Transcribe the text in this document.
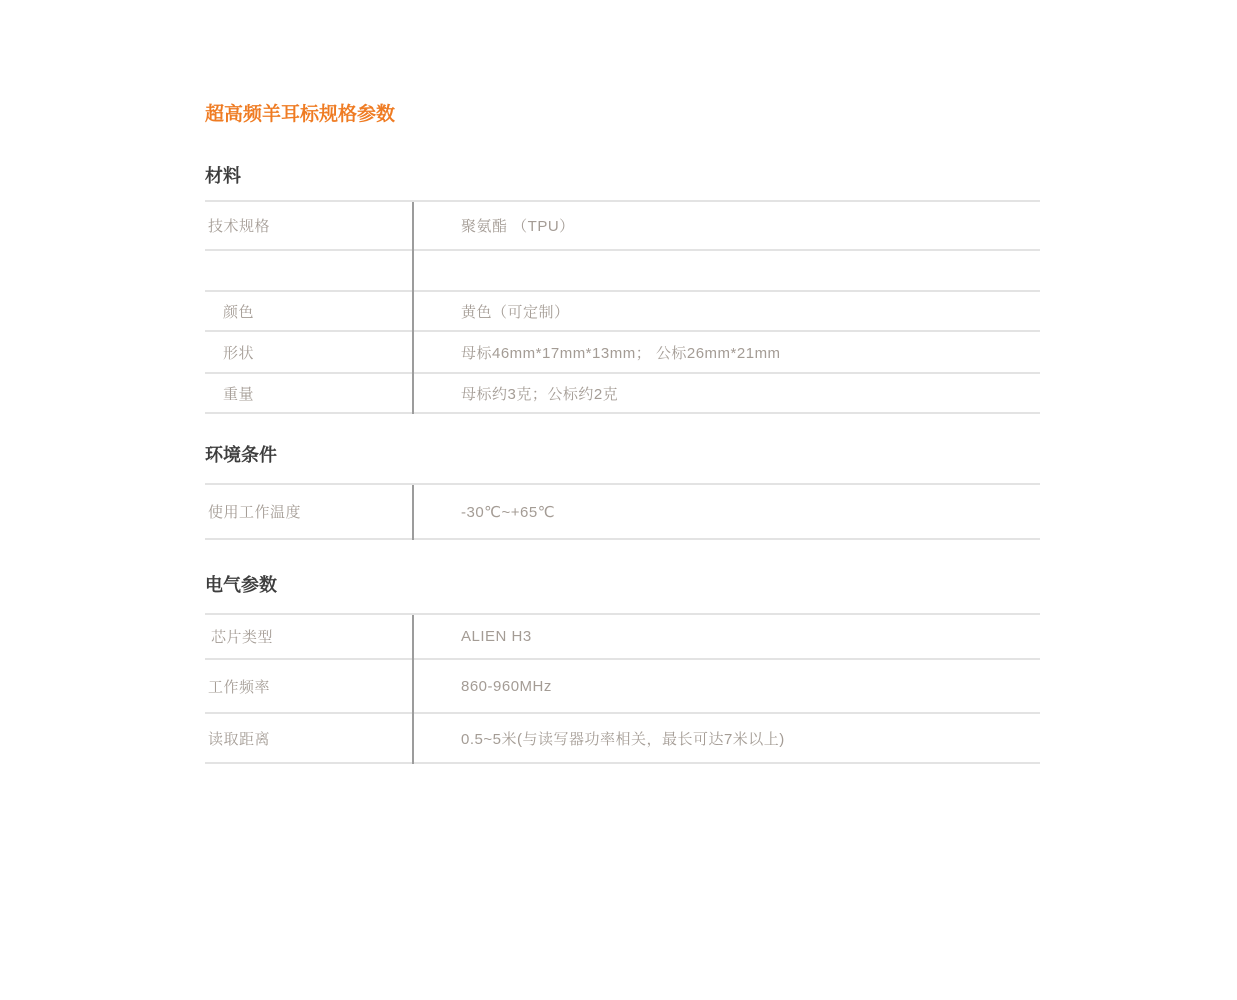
超高频羊耳标规格参数
材料
技术规格	聚氨酯 （TPU）
颜色	黄色（可定制）
形状	母标46mm*17mm*13mm； 公标26mm*21mm
重量	母标约3克；公标约2克
环境条件
使用工作温度	-30℃~+65℃
电气参数
芯片类型	ALIEN H3
工作频率	860-960MHz
读取距离	0.5~5米(与读写器功率相关，最长可达7米以上)
